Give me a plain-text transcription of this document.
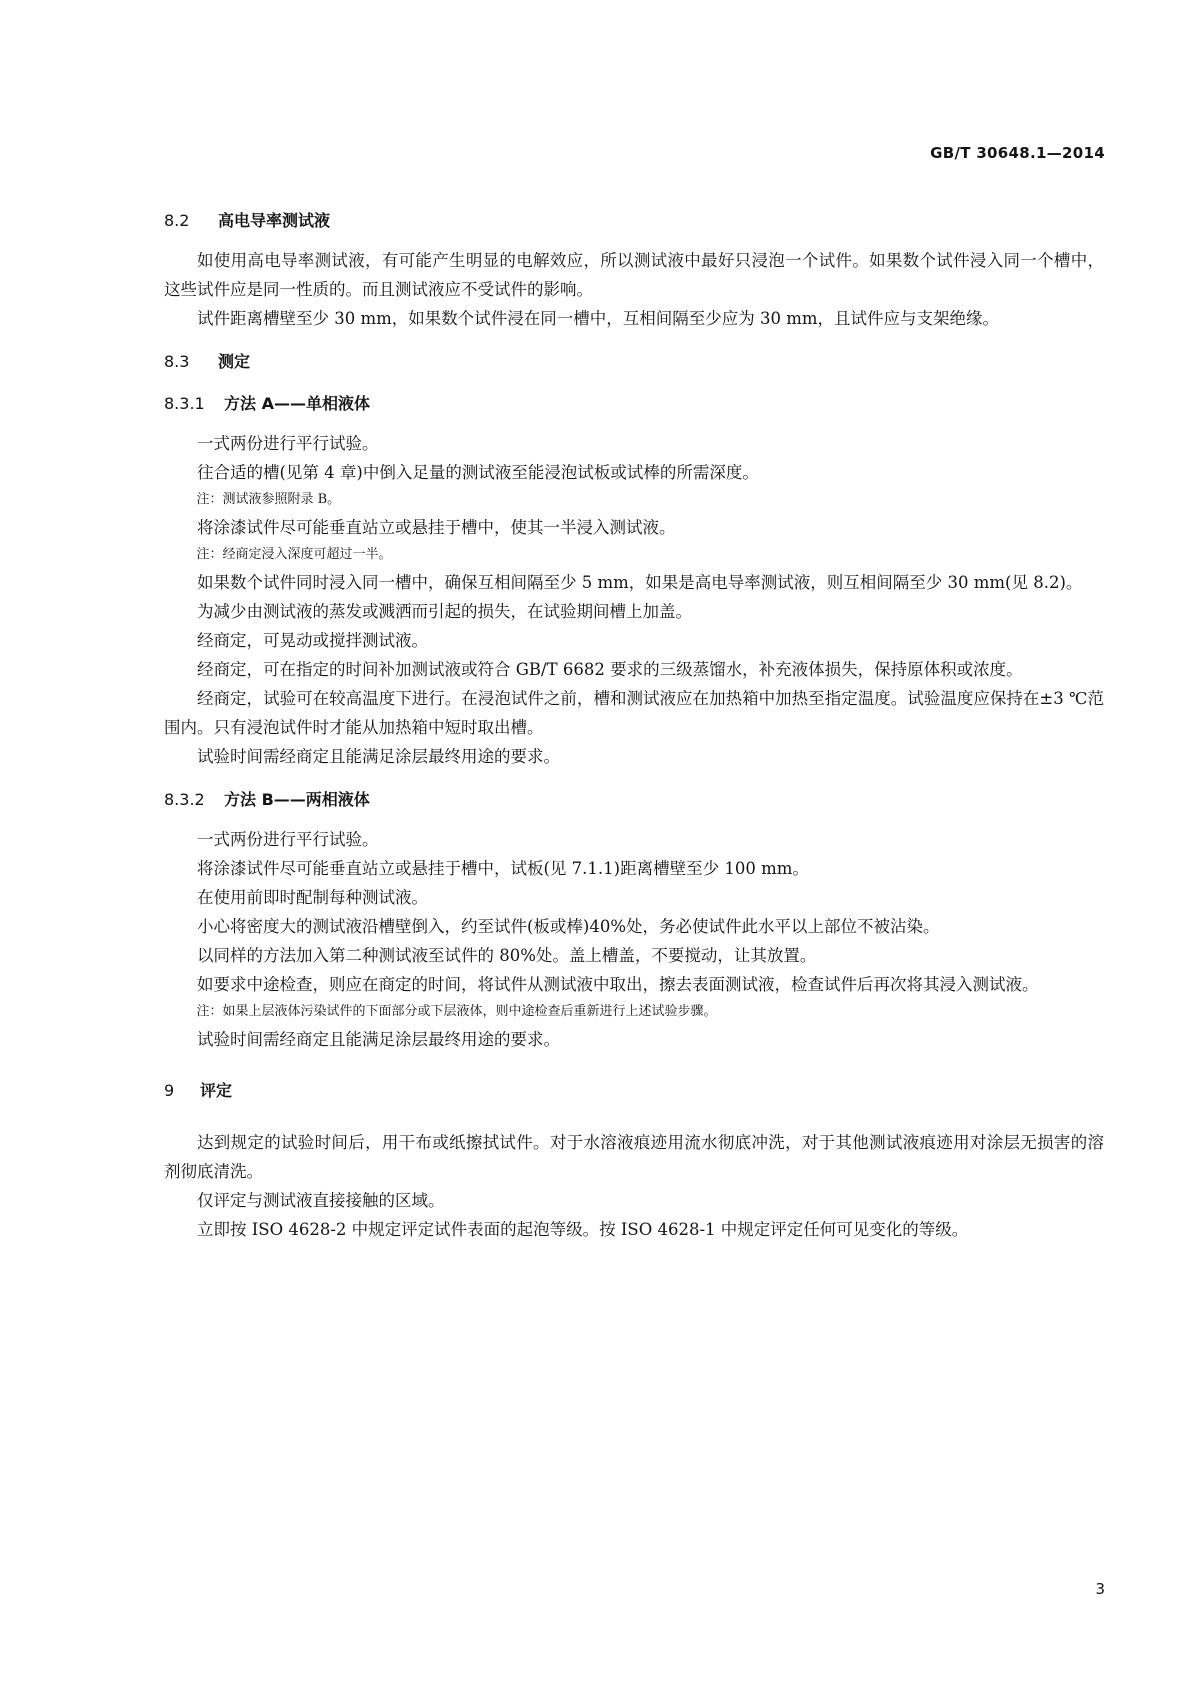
GB/T 30648.1—2014
8.2 高电导率测试液

如使用高电导率测试液，有可能产生明显的电解效应，所以测试液中最好只浸泡一个试件。如果数个试件浸入同一个槽中，这些试件应是同一性质的。而且测试液应不受试件的影响。

试件距离槽壁至少 30 mm，如果数个试件浸在同一槽中，互相间隔至少应为 30 mm，且试件应与支架绝缘。

8.3 测定
8.3.1 方法 A——单相液体

一式两份进行平行试验。

往合适的槽(见第 4 章)中倒入足量的测试液至能浸泡试板或试棒的所需深度。

注：测试液参照附录 B。

将涂漆试件尽可能垂直站立或悬挂于槽中，使其一半浸入测试液。

注：经商定浸入深度可超过一半。

如果数个试件同时浸入同一槽中，确保互相间隔至少 5 mm，如果是高电导率测试液，则互相间隔至少 30 mm(见 8.2)。

为减少由测试液的蒸发或溅洒而引起的损失，在试验期间槽上加盖。

经商定，可晃动或搅拌测试液。

经商定，可在指定的时间补加测试液或符合 GB/T 6682 要求的三级蒸馏水，补充液体损失，保持原体积或浓度。

经商定，试验可在较高温度下进行。在浸泡试件之前，槽和测试液应在加热箱中加热至指定温度。试验温度应保持在±3 ℃范围内。只有浸泡试件时才能从加热箱中短时取出槽。

试验时间需经商定且能满足涂层最终用途的要求。

8.3.2 方法 B——两相液体

一式两份进行平行试验。

将涂漆试件尽可能垂直站立或悬挂于槽中，试板(见 7.1.1)距离槽壁至少 100 mm。

在使用前即时配制每种测试液。

小心将密度大的测试液沿槽壁倒入，约至试件(板或棒)40%处，务必使试件此水平以上部位不被沾染。

以同样的方法加入第二种测试液至试件的 80%处。盖上槽盖，不要搅动，让其放置。

如要求中途检查，则应在商定的时间，将试件从测试液中取出，擦去表面测试液，检查试件后再次将其浸入测试液。

注：如果上层液体污染试件的下面部分或下层液体，则中途检查后重新进行上述试验步骤。

试验时间需经商定且能满足涂层最终用途的要求。

9 评定

达到规定的试验时间后，用干布或纸擦拭试件。对于水溶液痕迹用流水彻底冲洗，对于其他测试液痕迹用对涂层无损害的溶剂彻底清洗。

仅评定与测试液直接接触的区域。

立即按 ISO 4628-2 中规定评定试件表面的起泡等级。按 ISO 4628-1 中规定评定任何可见变化的等级。

3
